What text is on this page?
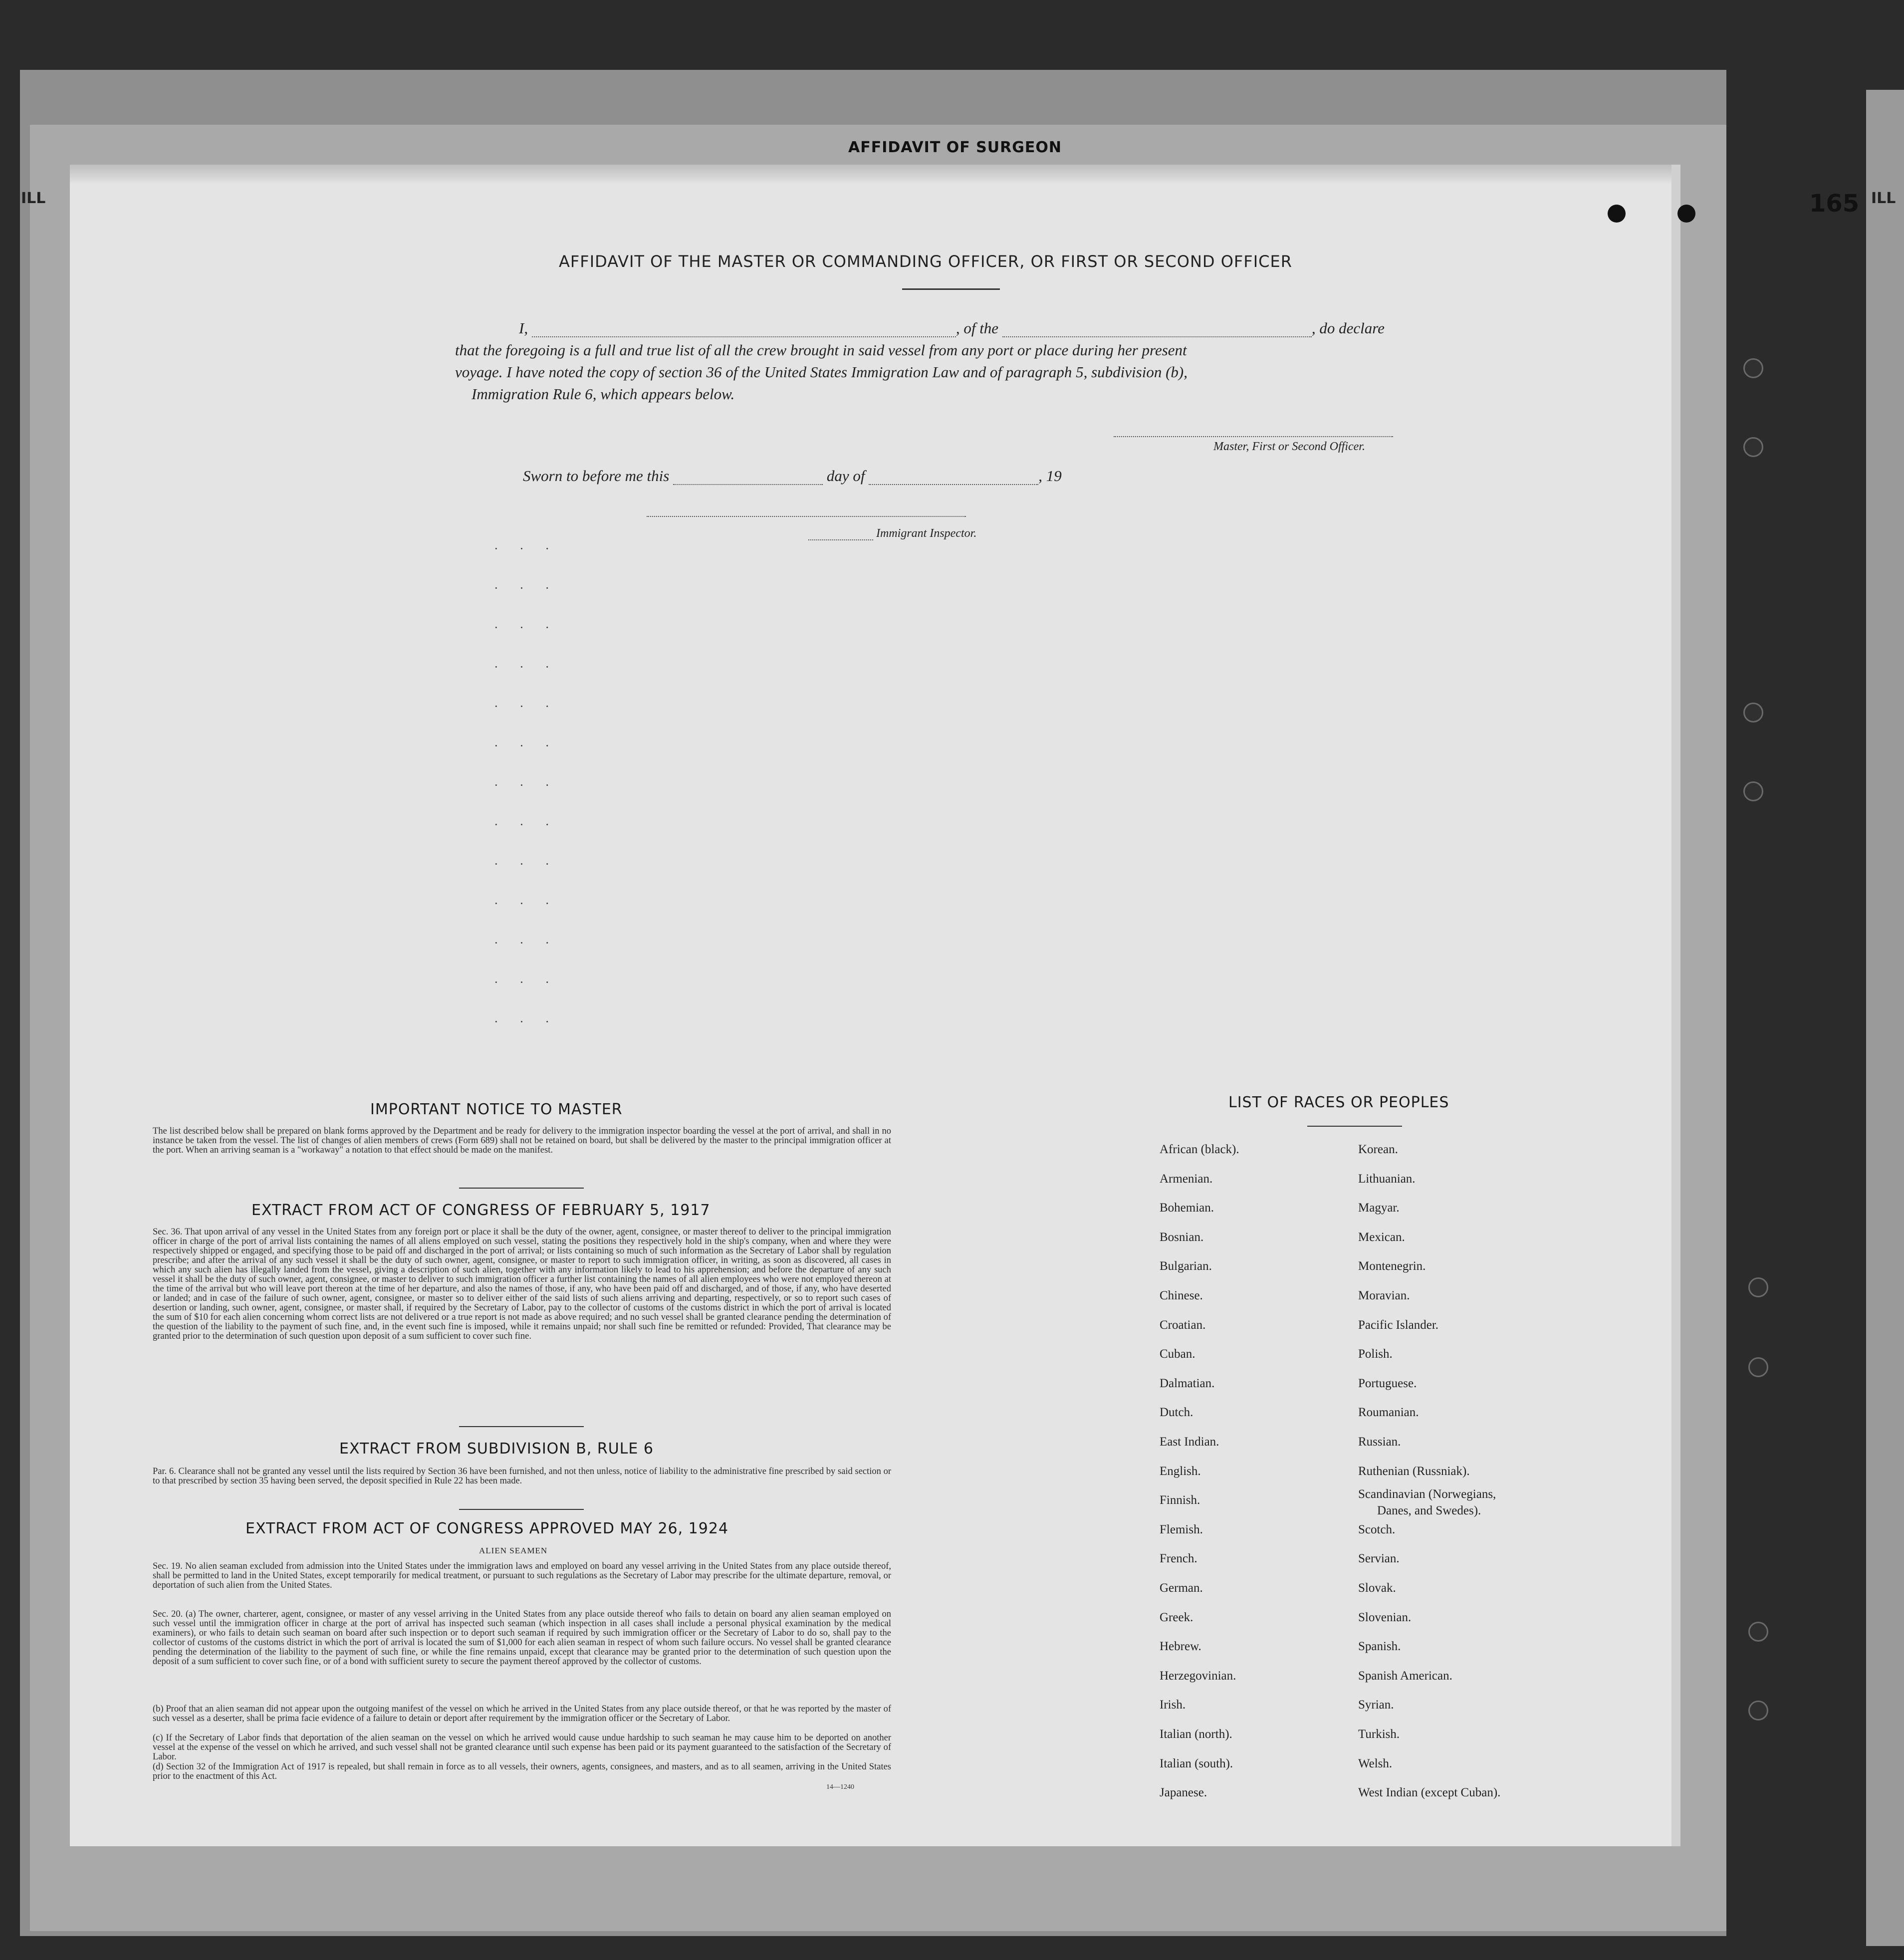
AFFIDAVIT OF SURGEON
165
ILL	ILL
AFFIDAVIT OF THE MASTER OR COMMANDING OFFICER, OR FIRST OR SECOND OFFICER
I,	, of the	, do declare
that the foregoing is a full and true list of all the crew brought in said vessel from any port or place during her present
voyage. I have noted the copy of section 36 of the United States Immigration Law and of paragraph 5, subdivision (b),
Immigration Rule 6, which appears below.
Master, First or Second Officer.
Sworn to before me this	day of	, 19
Immigrant Inspector.
· · ·
· · ·
· · ·
· · ·
· · ·
· · ·
· · ·
· · ·
· · ·
· · ·
· · ·
· · ·
· · ·
IMPORTANT NOTICE TO MASTER
The list described below shall be prepared on blank forms approved by the Department and be ready for delivery to the immigration inspector boarding the vessel at the port of arrival, and shall in no instance be taken from the vessel. The list of changes of alien members of crews (Form 689) shall not be retained on board, but shall be delivered by the master to the principal immigration officer at the port. When an arriving seaman is a "workaway" a notation to that effect should be made on the manifest.
EXTRACT FROM ACT OF CONGRESS OF FEBRUARY 5, 1917
Sec. 36. That upon arrival of any vessel in the United States from any foreign port or place it shall be the duty of the owner, agent, consignee, or master thereof to deliver to the principal immigration officer in charge of the port of arrival lists containing the names of all aliens employed on such vessel, stating the positions they respectively hold in the ship's company, when and where they were respectively shipped or engaged, and specifying those to be paid off and discharged in the port of arrival; or lists containing so much of such information as the Secretary of Labor shall by regulation prescribe; and after the arrival of any such vessel it shall be the duty of such owner, agent, consignee, or master to report to such immigration officer, in writing, as soon as discovered, all cases in which any such alien has illegally landed from the vessel, giving a description of such alien, together with any information likely to lead to his apprehension; and before the departure of any such vessel it shall be the duty of such owner, agent, consignee, or master to deliver to such immigration officer a further list containing the names of all alien employees who were not employed thereon at the time of the arrival but who will leave port thereon at the time of her departure, and also the names of those, if any, who have been paid off and discharged, and of those, if any, who have deserted or landed; and in case of the failure of such owner, agent, consignee, or master so to deliver either of the said lists of such aliens arriving and departing, respectively, or so to report such cases of desertion or landing, such owner, agent, consignee, or master shall, if required by the Secretary of Labor, pay to the collector of customs of the customs district in which the port of arrival is located the sum of $10 for each alien concerning whom correct lists are not delivered or a true report is not made as above required; and no such vessel shall be granted clearance pending the determination of the question of the liability to the payment of such fine, and, in the event such fine is imposed, while it remains unpaid; nor shall such fine be remitted or refunded: Provided, That clearance may be granted prior to the determination of such question upon deposit of a sum sufficient to cover such fine.
EXTRACT FROM SUBDIVISION B, RULE 6
Par. 6. Clearance shall not be granted any vessel until the lists required by Section 36 have been furnished, and not then unless, notice of liability to the administrative fine prescribed by said section or to that prescribed by section 35 having been served, the deposit specified in Rule 22 has been made.
EXTRACT FROM ACT OF CONGRESS APPROVED MAY 26, 1924
ALIEN SEAMEN
Sec. 19. No alien seaman excluded from admission into the United States under the immigration laws and employed on board any vessel arriving in the United States from any place outside thereof, shall be permitted to land in the United States, except temporarily for medical treatment, or pursuant to such regulations as the Secretary of Labor may prescribe for the ultimate departure, removal, or deportation of such alien from the United States.
Sec. 20. (a) The owner, charterer, agent, consignee, or master of any vessel arriving in the United States from any place outside thereof who fails to detain on board any alien seaman employed on such vessel until the immigration officer in charge at the port of arrival has inspected such seaman (which inspection in all cases shall include a personal physical examination by the medical examiners), or who fails to detain such seaman on board after such inspection or to deport such seaman if required by such immigration officer or the Secretary of Labor to do so, shall pay to the collector of customs of the customs district in which the port of arrival is located the sum of $1,000 for each alien seaman in respect of whom such failure occurs. No vessel shall be granted clearance pending the determination of the liability to the payment of such fine, or while the fine remains unpaid, except that clearance may be granted prior to the determination of such question upon the deposit of a sum sufficient to cover such fine, or of a bond with sufficient surety to secure the payment thereof approved by the collector of customs.
(b) Proof that an alien seaman did not appear upon the outgoing manifest of the vessel on which he arrived in the United States from any place outside thereof, or that he was reported by the master of such vessel as a deserter, shall be prima facie evidence of a failure to detain or deport after requirement by the immigration officer or the Secretary of Labor.
(c) If the Secretary of Labor finds that deportation of the alien seaman on the vessel on which he arrived would cause undue hardship to such seaman he may cause him to be deported on another vessel at the expense of the vessel on which he arrived, and such vessel shall not be granted clearance until such expense has been paid or its payment guaranteed to the satisfaction of the Secretary of Labor.
(d) Section 32 of the Immigration Act of 1917 is repealed, but shall remain in force as to all vessels, their owners, agents, consignees, and masters, and as to all seamen, arriving in the United States prior to the enactment of this Act.
14—1240
LIST OF RACES OR PEOPLES
African (black).
Armenian.
Bohemian.
Bosnian.
Bulgarian.
Chinese.
Croatian.
Cuban.
Dalmatian.
Dutch.
East Indian.
English.
Finnish.
Flemish.
French.
German.
Greek.
Hebrew.
Herzegovinian.
Irish.
Italian (north).
Italian (south).
Japanese.
Korean.
Lithuanian.
Magyar.
Mexican.
Montenegrin.
Moravian.
Pacific Islander.
Polish.
Portuguese.
Roumanian.
Russian.
Ruthenian (Russniak).
Scandinavian (Norwegians,
Scotch.
Servian.
Slovak.
Slovenian.
Spanish.
Spanish American.
Syrian.
Turkish.
Welsh.
West Indian (except Cuban).
Danes, and Swedes).
